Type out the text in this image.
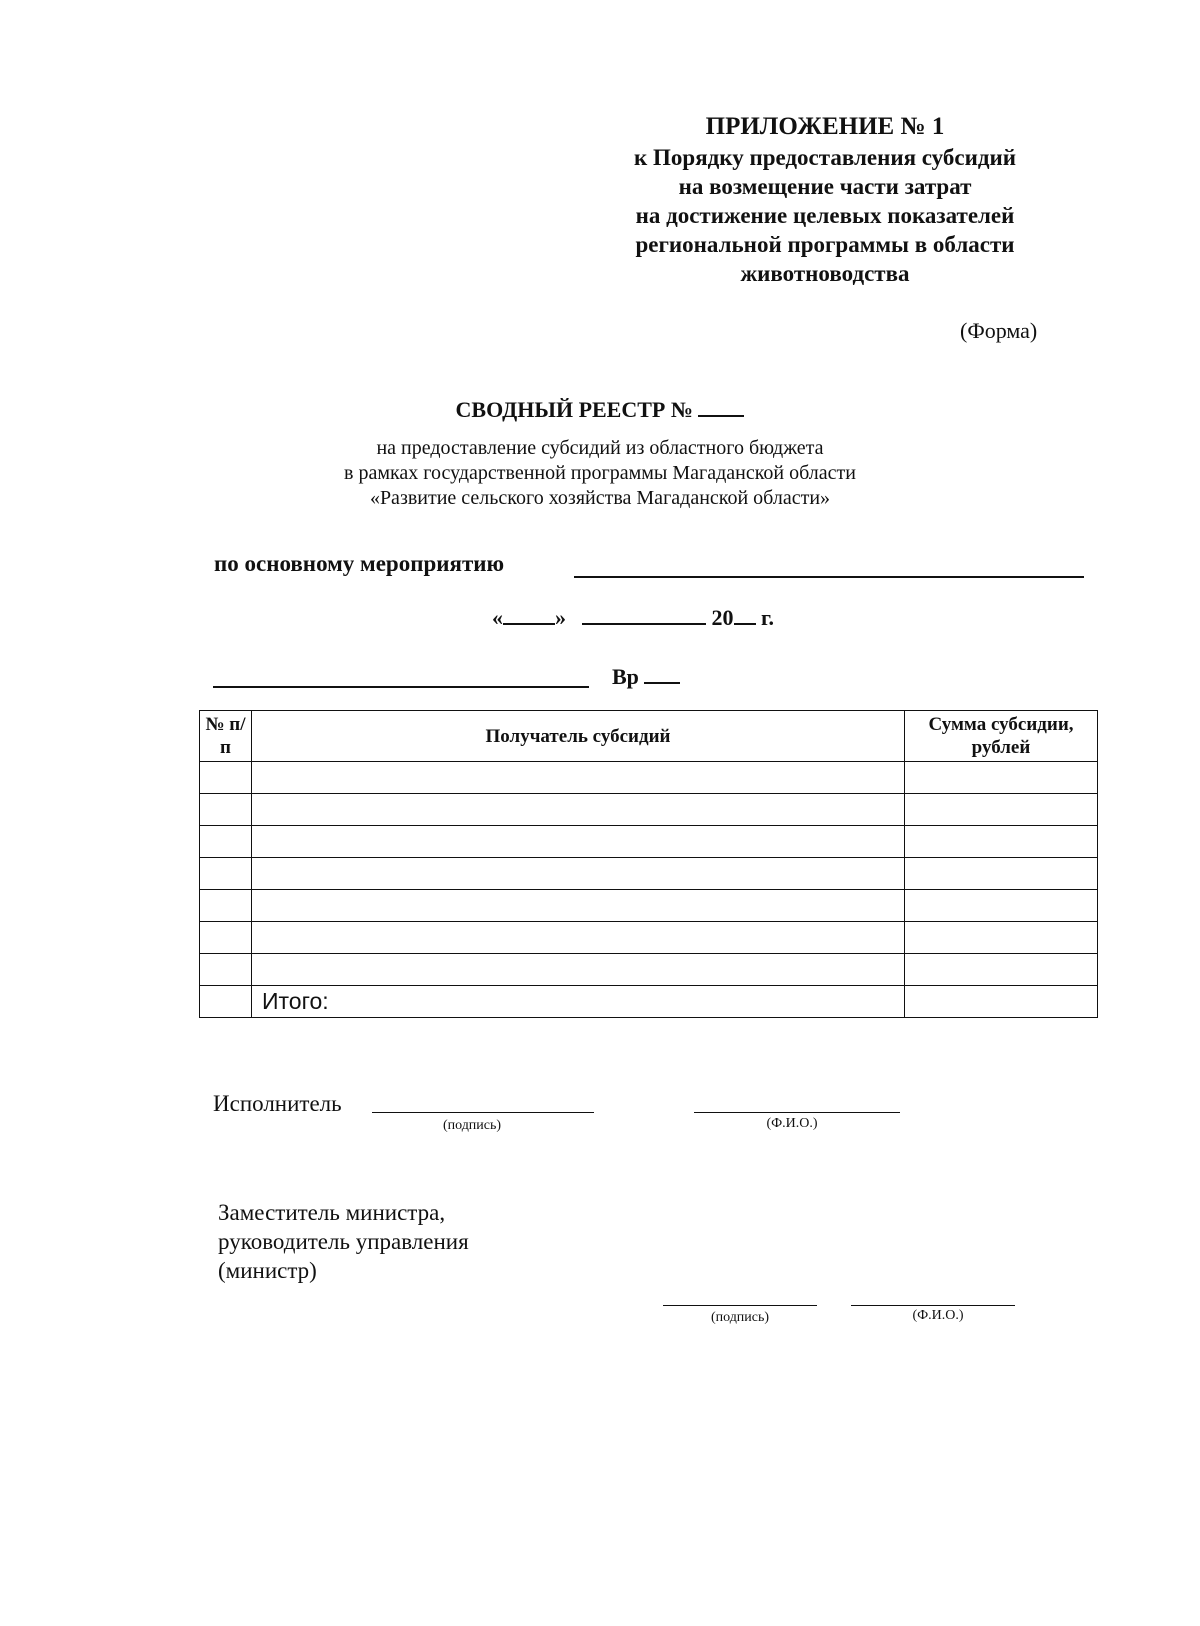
ПРИЛОЖЕНИЕ № 1
к Порядку предоставления субсидий
на возмещение части затрат
на достижение целевых показателей
региональной программы в области
животноводства
(Форма)
СВОДНЫЙ РЕЕСТР №
на предоставление субсидий из областного бюджета
в рамках государственной программы Магаданской области
«Развитие сельского хозяйства Магаданской области»
по основному мероприятию
« »	20 г.
Вр
№ п/п	Получатель субсидий	Сумма субсидии, рублей

	Итого:	
Исполнитель
(подпись)	(Ф.И.О.)
Заместитель министра,
руководитель управления
(министр)
(подпись)	(Ф.И.О.)
